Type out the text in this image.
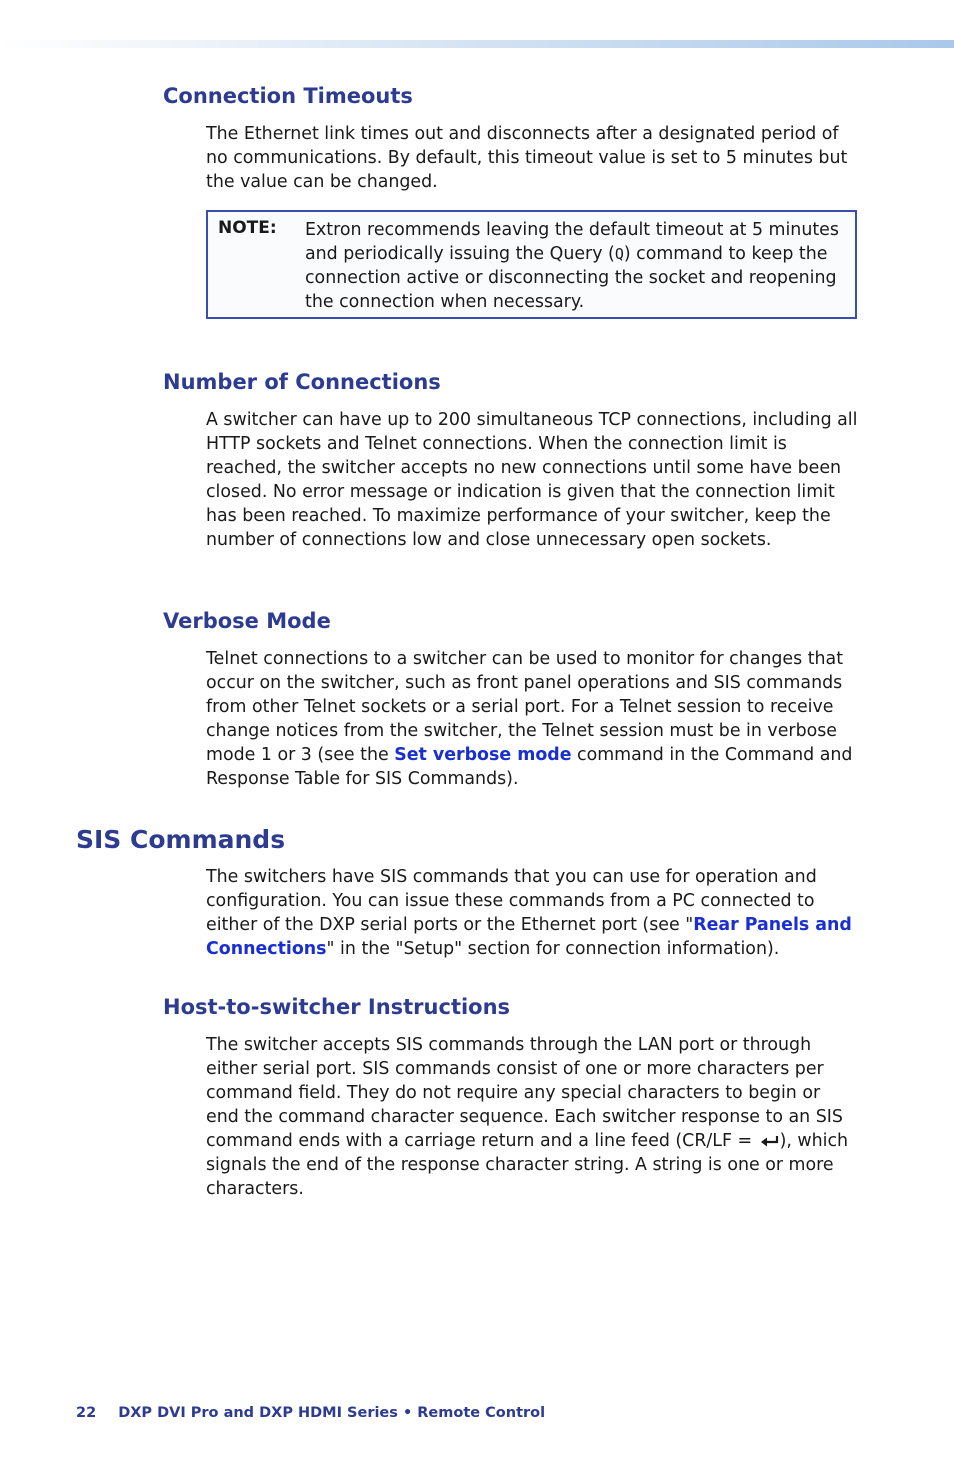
Connection Timeouts

The Ethernet link times out and disconnects after a designated period of no communications. By default, this timeout value is set to 5 minutes but the value can be changed.

NOTE: Extron recommends leaving the default timeout at 5 minutes and periodically issuing the Query (Q) command to keep the connection active or disconnecting the socket and reopening the connection when necessary.

Number of Connections

A switcher can have up to 200 simultaneous TCP connections, including all HTTP sockets and Telnet connections. When the connection limit is reached, the switcher accepts no new connections until some have been closed. No error message or indication is given that the connection limit has been reached. To maximize performance of your switcher, keep the number of connections low and close unnecessary open sockets.

Verbose Mode

Telnet connections to a switcher can be used to monitor for changes that occur on the switcher, such as front panel operations and SIS commands from other Telnet sockets or a serial port. For a Telnet session to receive change notices from the switcher, the Telnet session must be in verbose mode 1 or 3 (see the Set verbose mode command in the Command and Response Table for SIS Commands).

SIS Commands

The switchers have SIS commands that you can use for operation and configuration. You can issue these commands from a PC connected to either of the DXP serial ports or the Ethernet port (see "Rear Panels and Connections" in the "Setup" section for connection information).

Host-to-switcher Instructions

The switcher accepts SIS commands through the LAN port or through either serial port. SIS commands consist of one or more characters per command field. They do not require any special characters to begin or end the command character sequence. Each switcher response to an SIS command ends with a carriage return and a line feed (CR/LF = ), which signals the end of the response character string. A string is one or more characters.

22 DXP DVI Pro and DXP HDMI Series • Remote Control
